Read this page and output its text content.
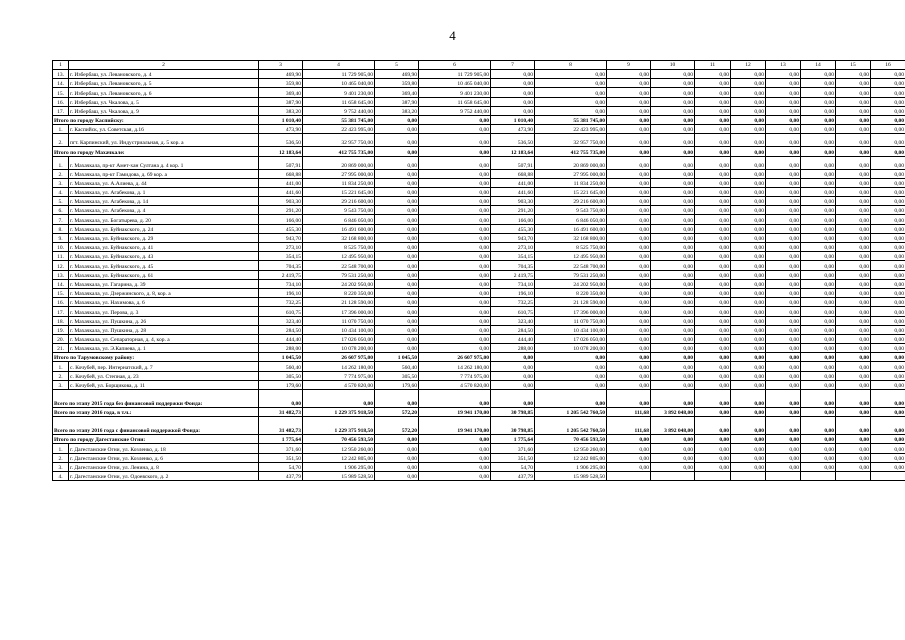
4
1	2	3	4	5	6	7	8	9	10	11	12	13	14	15	16
13.	г. Избербаш, ул. Левановского, д. 4	469,90	11 729 905,00	469,90	11 729 905,00	0,00	0,00	0,00	0,00	0,00	0,00	0,00	0,00	0,00	0,00
14.	г. Избербаш, ул. Левановского, д. 5	359,80	10 465 040,00	359,80	10 465 040,00	0,00	0,00	0,00	0,00	0,00	0,00	0,00	0,00	0,00	0,00
15.	г. Избербаш, ул. Левановского, д. 6	369,40	9 401 230,00	369,40	9 401 230,00	0,00	0,00	0,00	0,00	0,00	0,00	0,00	0,00	0,00	0,00
16.	г. Избербаш, ул. Чкалова, д. 5	387,90	11 658 645,00	387,90	11 658 645,00	0,00	0,00	0,00	0,00	0,00	0,00	0,00	0,00	0,00	0,00
17.	г. Избербаш, ул. Чкалова, д. 9	383,20	9 752 440,00	383,20	9 752 440,00	0,00	0,00	0,00	0,00	0,00	0,00	0,00	0,00	0,00	0,00
Итого по городу Каспийску:		1 010,40	55 381 745,00	0,00	0,00	1 010,40	55 381 745,00	0,00	0,00	0,00	0,00	0,00	0,00	0,00	0,00
1.	г. Каспийск, ул. Советская, д.16	473,90	22 423 995,00	0,00	0,00	473,90	22 423 995,00	0,00	0,00	0,00	0,00	0,00	0,00	0,00	0,00
2.	пгт. Карпинский, ул. Индустриальная, д. 5 кор. а	536,50	32 957 750,00	0,00	0,00	536,50	32 957 750,00	0,00	0,00	0,00	0,00	0,00	0,00	0,00	0,00
Итого по городу Махачкале:		12 183,64	412 755 735,00	0,00	0,00	12 183,64	412 755 735,00	0,00	0,00	0,00	0,00	0,00	0,00	0,00	0,00
1.	г. Махачкала, пр-кт Амет-хан Султана д. 4 кор. 1	507,91	20 869 000,00	0,00	0,00	507,91	20 869 000,00	0,00	0,00	0,00	0,00	0,00	0,00	0,00	0,00
2.	г. Махачкала, пр-кт Гамидова, д. 69 кор. а	668,88	27 995 000,00	0,00	0,00	668,88	27 995 000,00	0,00	0,00	0,00	0,00	0,00	0,00	0,00	0,00
3.	г. Махачкала, ул. А.Алиева, д. 44	441,00	11 834 250,00	0,00	0,00	441,00	11 834 250,00	0,00	0,00	0,00	0,00	0,00	0,00	0,00	0,00
4.	г. Махачкала, ул. Агабекова, д. 1	441,60	15 221 645,00	0,00	0,00	441,60	15 221 645,00	0,00	0,00	0,00	0,00	0,00	0,00	0,00	0,00
5.	г. Махачкала, ул. Агабекова, д. 14	903,30	29 216 600,00	0,00	0,00	903,30	29 216 600,00	0,00	0,00	0,00	0,00	0,00	0,00	0,00	0,00
6.	г. Махачкала, ул. Агабекова, д. 4	291,20	9 543 750,00	0,00	0,00	291,20	9 543 750,00	0,00	0,00	0,00	0,00	0,00	0,00	0,00	0,00
7.	г. Махачкала, ул. Богатырева, д. 20	166,00	6 846 050,00	0,00	0,00	166,00	6 846 050,00	0,00	0,00	0,00	0,00	0,00	0,00	0,00	0,00
8.	г. Махачкала, ул. Буйнакского, д. 24	455,30	16 491 600,00	0,00	0,00	455,30	16 491 600,00	0,00	0,00	0,00	0,00	0,00	0,00	0,00	0,00
9.	г. Махачкала, ул. Буйнакского, д. 29	943,70	32 168 800,00	0,00	0,00	943,70	32 168 800,00	0,00	0,00	0,00	0,00	0,00	0,00	0,00	0,00
10.	г. Махачкала, ул. Буйнакского, д. 41	273,10	8 525 750,00	0,00	0,00	273,10	8 525 750,00	0,00	0,00	0,00	0,00	0,00	0,00	0,00	0,00
11.	г. Махачкала, ул. Буйнакского, д. 43	354,15	12 495 950,00	0,00	0,00	354,15	12 495 950,00	0,00	0,00	0,00	0,00	0,00	0,00	0,00	0,00
12.	г. Махачкала, ул. Буйнакского, д. 45	704,35	22 548 700,00	0,00	0,00	704,35	22 548 700,00	0,00	0,00	0,00	0,00	0,00	0,00	0,00	0,00
13.	г. Махачкала, ул. Буйнакского, д. 61	2 419,75	79 531 250,00	0,00	0,00	2 419,75	79 531 250,00	0,00	0,00	0,00	0,00	0,00	0,00	0,00	0,00
14.	г. Махачкала, ул. Гагарина, д. 39	734,10	24 202 950,00	0,00	0,00	734,10	24 202 950,00	0,00	0,00	0,00	0,00	0,00	0,00	0,00	0,00
15.	г. Махачкала, ул. Дзержинского, д. 8, кор. а	196,10	8 220 350,00	0,00	0,00	196,10	8 220 350,00	0,00	0,00	0,00	0,00	0,00	0,00	0,00	0,00
16.	г. Махачкала, ул. Нахимова, д. 6	732,25	21 128 590,00	0,00	0,00	732,25	21 128 590,00	0,00	0,00	0,00	0,00	0,00	0,00	0,00	0,00
17.	г. Махачкала, ул. Перова, д. 3	610,75	17 396 000,00	0,00	0,00	610,75	17 396 000,00	0,00	0,00	0,00	0,00	0,00	0,00	0,00	0,00
18.	г. Махачкала, ул. Пушкина, д. 26	323,40	11 070 750,00	0,00	0,00	323,40	11 070 750,00	0,00	0,00	0,00	0,00	0,00	0,00	0,00	0,00
19.	г. Махачкала, ул. Пушкина, д. 28	284,50	10 434 100,00	0,00	0,00	284,50	10 434 100,00	0,00	0,00	0,00	0,00	0,00	0,00	0,00	0,00
20.	г. Махачкала, ул. Сепараторная, д. 4, кор. а	444,40	17 026 050,00	0,00	0,00	444,40	17 026 050,00	0,00	0,00	0,00	0,00	0,00	0,00	0,00	0,00
21.	г. Махачкала, ул. Э.Капиева, д. 1	288,00	10 078 200,00	0,00	0,00	288,00	10 078 200,00	0,00	0,00	0,00	0,00	0,00	0,00	0,00	0,00
Итого по Тарумовскому району:		1 045,50	26 607 975,00	1 045,50	26 607 975,00	0,00	0,00	0,00	0,00	0,00	0,00	0,00	0,00	0,00	0,00
1.	с. Кочубей, пер. Интернатский, д. 7	560,40	14 262 180,00	560,40	14 262 180,00	0,00	0,00	0,00	0,00	0,00	0,00	0,00	0,00	0,00	0,00
2.	с. Кочубей, ул. Степная, д. 23	305,50	7 774 975,00	305,50	7 774 975,00	0,00	0,00	0,00	0,00	0,00	0,00	0,00	0,00	0,00	0,00
3.	с. Кочубей, ул. Борщикова, д. 11	179,60	4 570 820,00	179,60	4 570 820,00	0,00	0,00	0,00	0,00	0,00	0,00	0,00	0,00	0,00	0,00
Всего по этапу 2015 года без финансовой поддержки Фонда:		0,00	0,00	0,00	0,00	0,00	0,00	0,00	0,00	0,00	0,00	0,00	0,00	0,00	0,00
Всего по этапу 2016 года, в т.ч.:		31 482,73	1 229 375 918,50	572,20	19 941 170,00	30 798,85	1 205 542 760,50	111,68	3 892 048,00	0,00	0,00	0,00	0,00	0,00	0,00
Всего по этапу 2016 года с финансовой поддержкой Фонда:		31 482,73	1 229 375 918,50	572,20	19 941 170,00	30 798,85	1 205 542 760,50	111,68	3 892 048,00	0,00	0,00	0,00	0,00	0,00	0,00
Итого по городу Дагестанские Огни:		1 775,64	70 456 593,50	0,00	0,00	1 775,64	70 456 593,50	0,00	0,00	0,00	0,00	0,00	0,00	0,00	0,00
1.	г. Дагестанские Огни, ул. Козленко, д. 18	371,60	12 950 260,00	0,00	0,00	371,60	12 950 260,00	0,00	0,00	0,00	0,00	0,00	0,00	0,00	0,00
2.	г. Дагестанские Огни, ул. Козленко, д. 6	351,50	12 242 805,00	0,00	0,00	351,50	12 242 805,00	0,00	0,00	0,00	0,00	0,00	0,00	0,00	0,00
3.	г. Дагестанские Огни, ул. Ленина, д. 8	54,70	1 906 295,00	0,00	0,00	54,70	1 906 295,00	0,00	0,00	0,00	0,00	0,00	0,00	0,00	0,00
4.	г. Дагестанские Огни, ул. Одоевского, д. 2	437,79	15 989 528,50	0,00	0,00	437,79	15 989 528,50								
